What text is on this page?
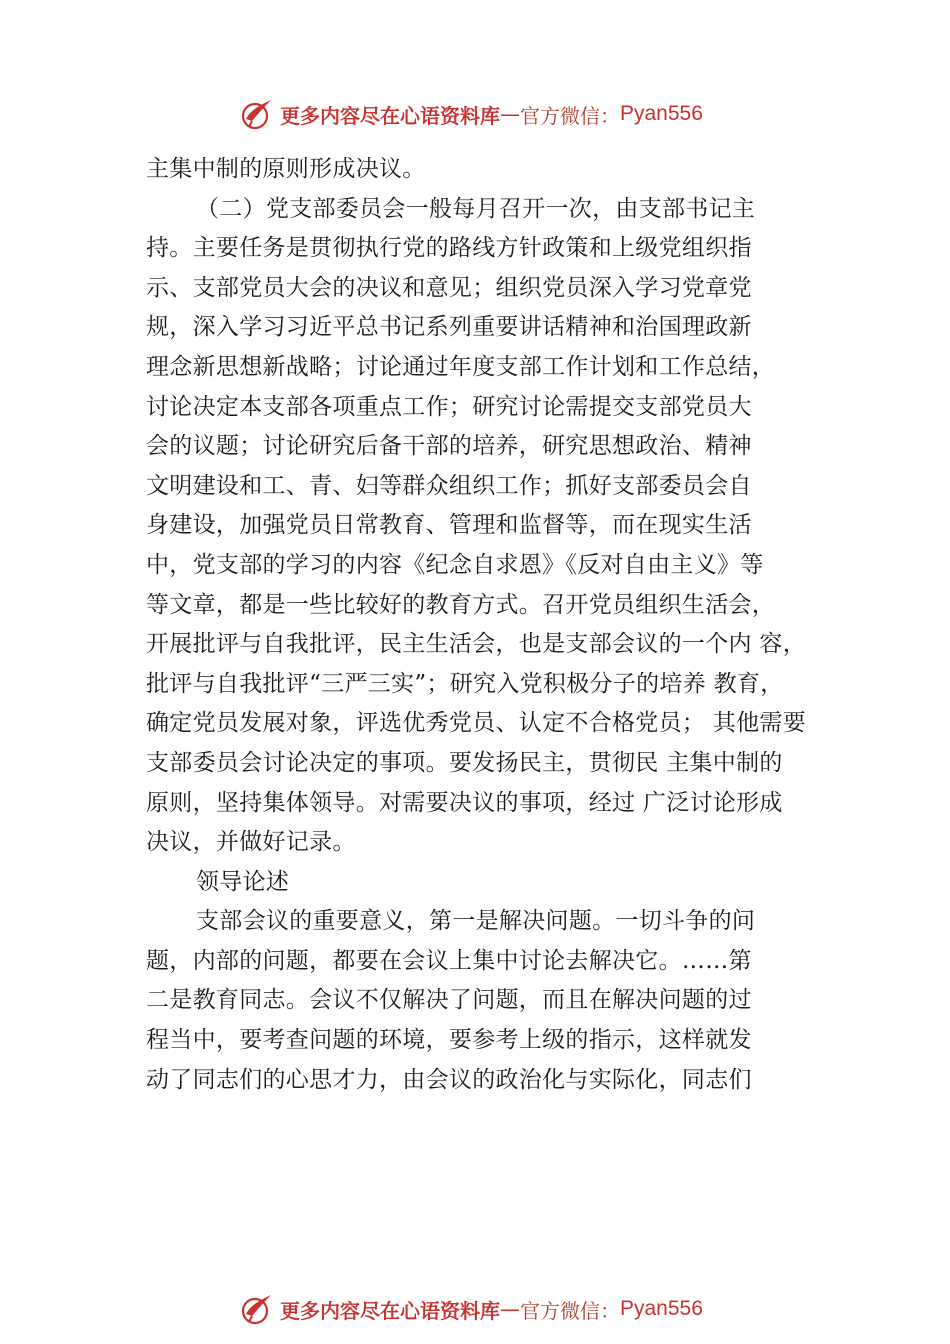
更多内容尽在心语资料库 — 官方微信： Pyan556
主集中制的原则形成决议。
（二）党支部委员会一般每月召开一次，由支部书记主
持。主要任务是贯彻执行党的路线方针政策和上级党组织指
示、支部党员大会的决议和意见；组织党员深入学习党章党
规，深入学习习近平总书记系列重要讲话精神和治国理政新
理念新思想新战略；讨论通过年度支部工作计划和工作总结，
讨论决定本支部各项重点工作；研究讨论需提交支部党员大
会的议题；讨论研究后备干部的培养，研究思想政治、精神
文明建设和工、青、妇等群众组织工作；抓好支部委员会自
身建设，加强党员日常教育、管理和监督等，而在现实生活
中，党支部的学习的内容《纪念自求恩》《反对自由主义》等
等文章，都是一些比较好的教育方式。召开党员组织生活会，
开展批评与自我批评，民主生活会，也是支部会议的一个内 容，
批评与自我批评“三严三实”；研究入党积极分子的培养 教育，
确定党员发展对象，评选优秀党员、认定不合格党员； 其他需要
支部委员会讨论决定的事项。要发扬民主，贯彻民 主集中制的
原则，坚持集体领导。对需要决议的事项，经过 广泛讨论形成
决议，并做好记录。
领导论述
支部会议的重要意义，第一是解决问题。一切斗争的问
题，内部的问题，都要在会议上集中讨论去解决它。……第
二是教育同志。会议不仅解决了问题，而且在解决问题的过
程当中，要考查问题的环境，要参考上级的指示，这样就发
动了同志们的心思才力，由会议的政治化与实际化，同志们
更多内容尽在心语资料库 — 官方微信： Pyan556
